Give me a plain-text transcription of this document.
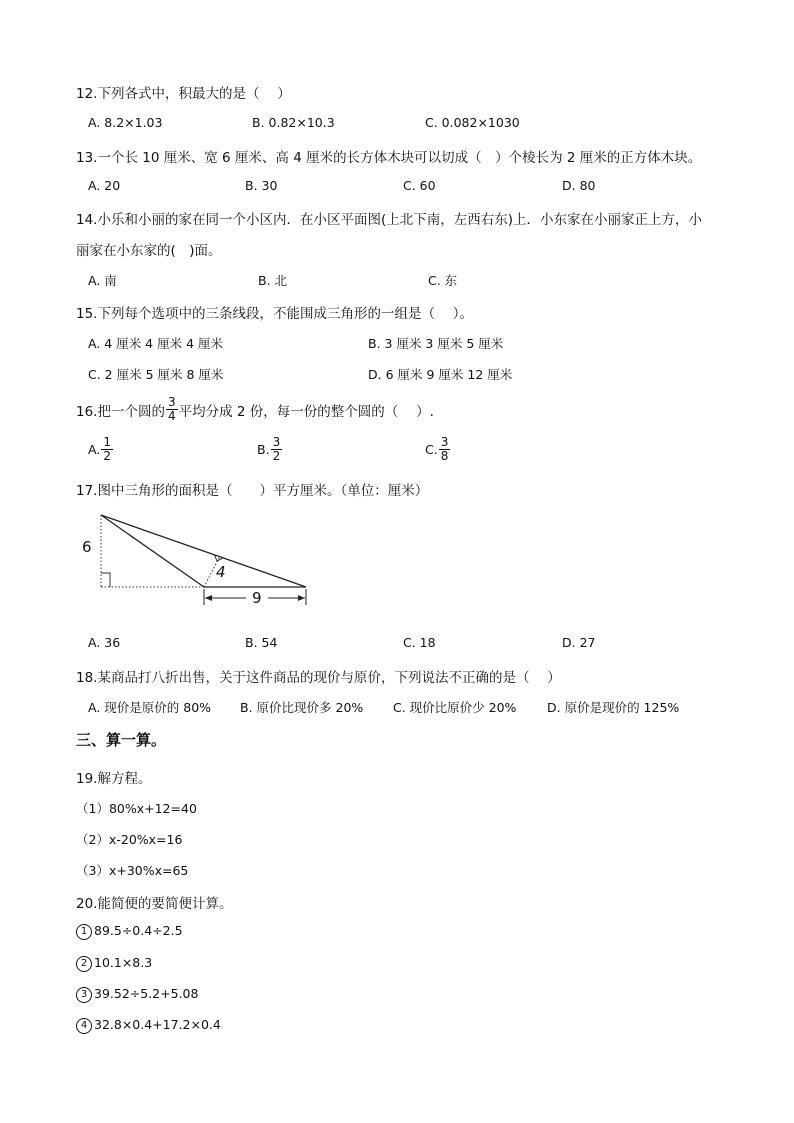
12.下列各式中，积最大的是（　 ）
A. 8.2×1.03	B. 0.82×10.3	C. 0.082×1030
13.一个长 10 厘米、宽 6 厘米、高 4 厘米的长方体木块可以切成（　）个棱长为 2 厘米的正方体木块。
A. 20	B. 30	C. 60	D. 80
14.小乐和小丽的家在同一个小区内．在小区平面图(上北下南，左西右东)上．小东家在小丽家正上方，小
丽家在小东家的(　)面。
A. 南	B. 北	C. 东
15.下列每个选项中的三条线段，不能围成三角形的一组是（　 ）。
A. 4 厘米 4 厘米 4 厘米	B. 3 厘米 3 厘米 5 厘米
C. 2 厘米 5 厘米 8 厘米	D. 6 厘米 9 厘米 12 厘米
16.把一个圆的 $\frac{3}{4}$ 平均分成 2 份，每一份的整个圆的（　 ）.
A. $\frac{1}{2}$	B. $\frac{3}{2}$	C. $\frac{3}{8}$
17.图中三角形的面积是（　　）平方厘米。（单位：厘米）
6
4
9
A. 36	B. 54	C. 18	D. 27
18.某商品打八折出售，关于这件商品的现价与原价，下列说法不正确的是（　 ）
A. 现价是原价的 80% B. 原价比现价多 20% C. 现价比原价少 20% D. 原价是现价的 125%
三、算一算。
19.解方程。
（1）80%x+12=40
（2）x-20%x=16
（3）x+30%x=65
20.能简便的要简便计算。
1 89.5÷0.4÷2.5
2 10.1×8.3
3 39.52÷5.2+5.08
4 32.8×0.4+17.2×0.4
